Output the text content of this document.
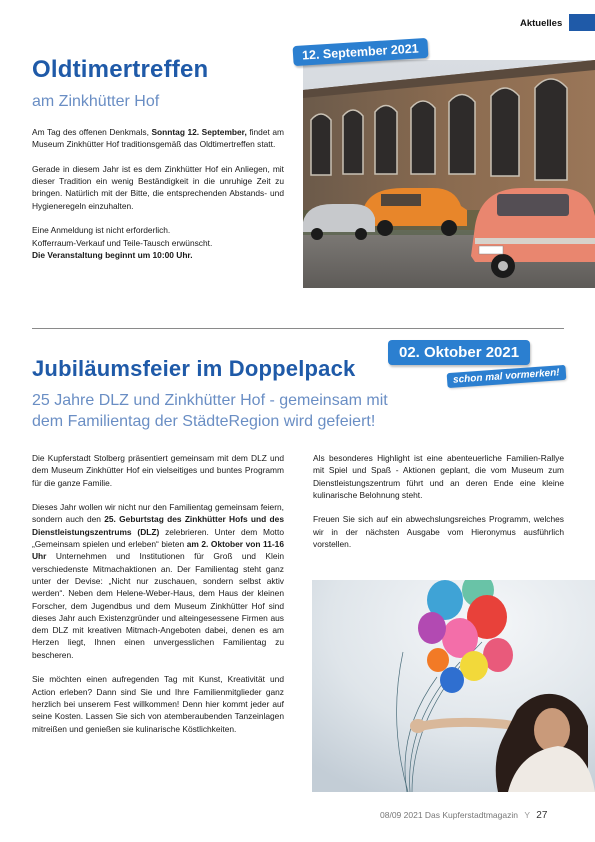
Aktuelles
Oldtimertreffen
am Zinkhütter Hof

Am Tag des offenen Denkmals, Sonntag 12. September, findet am Museum Zinkhütter Hof traditionsgemäß das Oldtimertreffen statt.

Gerade in diesem Jahr ist es dem Zinkhütter Hof ein Anliegen, mit dieser Tradition ein wenig Beständigkeit in die unruhige Zeit zu bringen. Natürlich mit der Bitte, die entsprechenden Abstands- und Hygieneregeln einzuhalten.

Eine Anmeldung ist nicht erforderlich.
Kofferraum-Verkauf und Teile-Tausch erwünscht.
Die Veranstaltung beginnt um 10:00 Uhr.

12. September 2021
Jubiläumsfeier im Doppelpack
02. Oktober 2021
schon mal vormerken!
25 Jahre DLZ und Zinkhütter Hof - gemeinsam mit
dem Familientag der StädteRegion wird gefeiert!

Die Kupferstadt Stolberg präsentiert gemeinsam mit dem DLZ und dem Museum Zinkhütter Hof ein vielseitiges und buntes Programm für die ganze Familie.

Dieses Jahr wollen wir nicht nur den Familientag gemeinsam feiern, sondern auch den 25. Geburtstag des Zinkhütter Hofs und des Dienstleistungszentrums (DLZ) zelebrieren. Unter dem Motto „Gemeinsam spielen und erleben“ bieten am 2. Oktober von 11-16 Uhr Unternehmen und Institutionen für Groß und Klein verschiedenste Mitmachaktionen an. Der Familientag steht ganz unter der Devise: „Nicht nur zuschauen, sondern selbst aktiv werden“. Neben dem Helene-Weber-Haus, dem Haus der kleinen Forscher, dem Jugendbus und dem Museum Zinkhütter Hof sind dieses Jahr auch Existenzgründer und alteingesessene Firmen aus dem DLZ mit kreativen Mitmach-Angeboten dabei, denen es am Herzen liegt, Ihnen einen unvergesslichen Familientag zu bescheren.

Sie möchten einen aufregenden Tag mit Kunst, Kreativität und Action erleben? Dann sind Sie und Ihre Familienmitglieder ganz herzlich bei unserem Fest willkommen! Denn hier kommt jeder auf seine Kosten. Lassen Sie sich von atemberaubenden Tanzeinlagen mitreißen und genießen sie kulinarische Köstlichkeiten.

Als besonderes Highlight ist eine abenteuerliche Familien-Rallye mit Spiel und Spaß - Aktionen geplant, die vom Museum zum Dienstleistungszentrum führt und an deren Ende eine kleine kulinarische Belohnung steht.

Freuen Sie sich auf ein abwechslungsreiches Programm, welches wir in der nächsten Ausgabe vom Hieronymus ausführlich vorstellen.

08/09 2021 Das Kupferstadtmagazin Y 27
